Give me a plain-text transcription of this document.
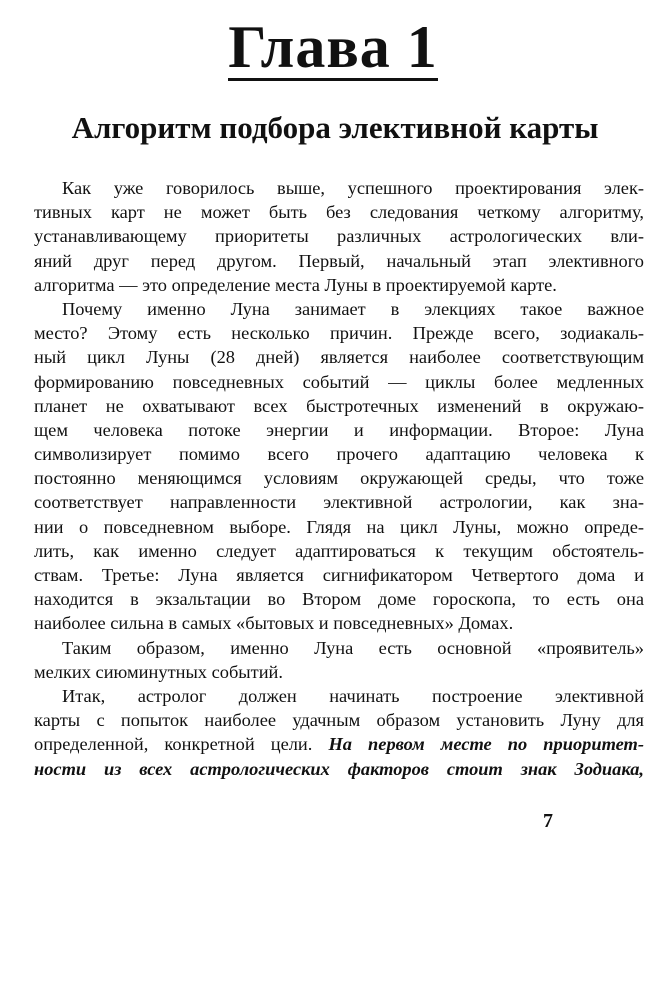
Глава 1
Алгоритм подбора элективной карты
Как уже говорилось выше, успешного проектирования элек-
тивных карт не может быть без следования четкому алгоритму,
устанавливающему приоритеты различных астрологических вли-
яний друг перед другом. Первый, начальный этап элективного
алгоритма — это определение места Луны в проектируемой карте.
Почему именно Луна занимает в элекциях такое важное
место? Этому есть несколько причин. Прежде всего, зодиакаль-
ный цикл Луны (28 дней) является наиболее соответствующим
формированию повседневных событий — циклы более медленных
планет не охватывают всех быстротечных изменений в окружаю-
щем человека потоке энергии и информации. Второе: Луна
символизирует помимо всего прочего адаптацию человека к
постоянно меняющимся условиям окружающей среды, что тоже
соответствует направленности элективной астрологии, как зна-
нии о повседневном выборе. Глядя на цикл Луны, можно опреде-
лить, как именно следует адаптироваться к текущим обстоятель-
ствам. Третье: Луна является сигнификатором Четвертого дома и
находится в экзальтации во Втором доме гороскопа, то есть она
наиболее сильна в самых «бытовых и повседневных» Домах.
Таким образом, именно Луна есть основной «проявитель»
мелких сиюминутных событий.
Итак, астролог должен начинать построение элективной
карты с попыток наиболее удачным образом установить Луну для
определенной, конкретной цели. На первом месте по приоритет-
ности из всех астрологических факторов стоит знак Зодиака,
7
